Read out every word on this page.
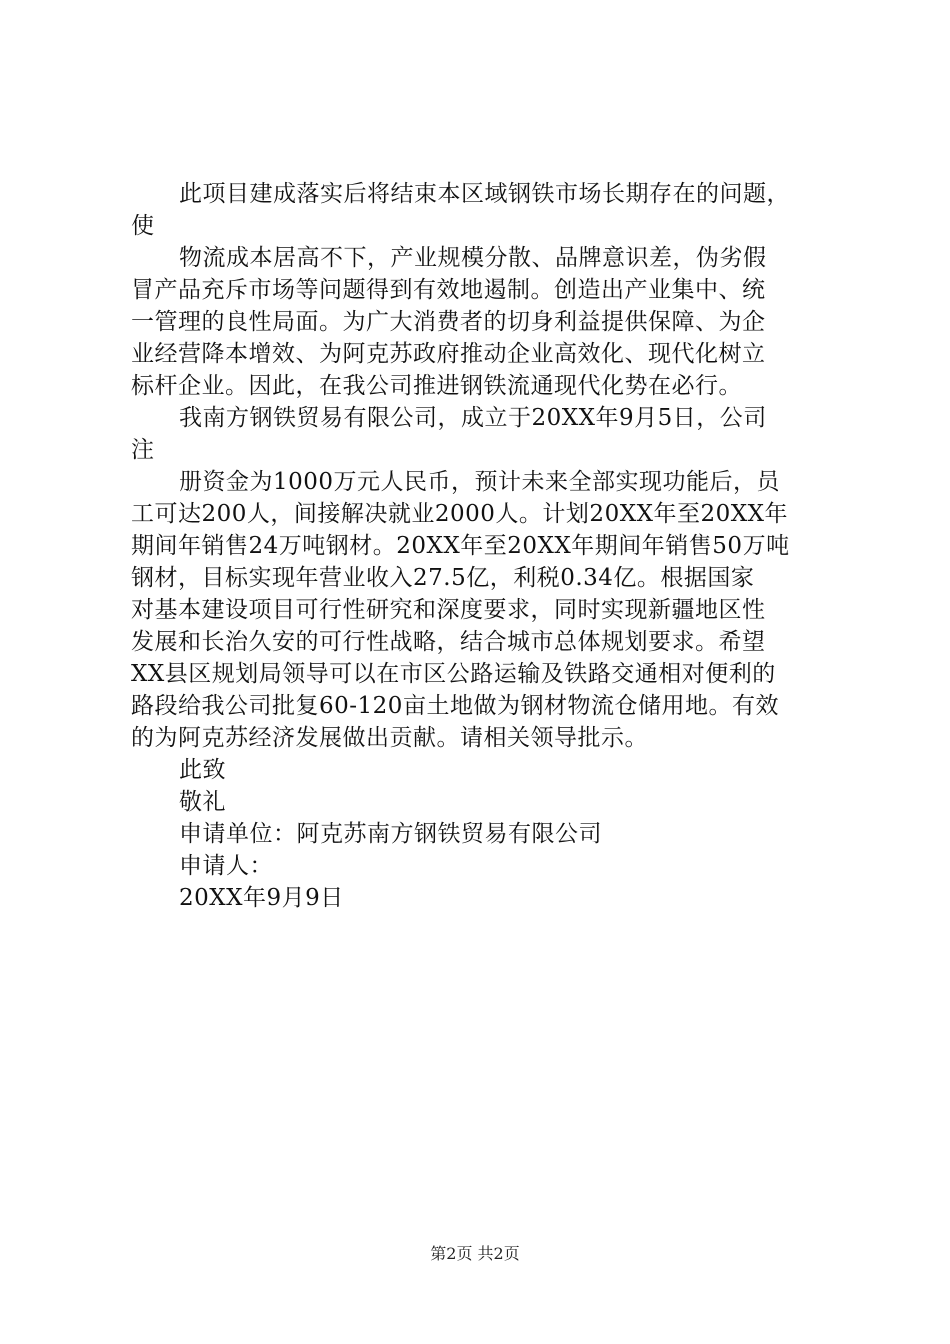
此项目建成落实后将结束本区域钢铁市场长期存在的问题，
使
物流成本居高不下，产业规模分散、品牌意识差，伪劣假
冒产品充斥市场等问题得到有效地遏制。创造出产业集中、统
一管理的良性局面。为广大消费者的切身利益提供保障、为企
业经营降本增效、为阿克苏政府推动企业高效化、现代化树立
标杆企业。因此，在我公司推进钢铁流通现代化势在必行。
我南方钢铁贸易有限公司，成立于20XX年9月5日，公司
注
册资金为1000万元人民币，预计未来全部实现功能后，员
工可达200人，间接解决就业2000人。计划20XX年至20XX年
期间年销售24万吨钢材。20XX年至20XX年期间年销售50万吨
钢材，目标实现年营业收入27.5亿，利税0.34亿。根据国家
对基本建设项目可行性研究和深度要求，同时实现新疆地区性
发展和长治久安的可行性战略，结合城市总体规划要求。希望
XX县区规划局领导可以在市区公路运输及铁路交通相对便利的
路段给我公司批复60-120亩土地做为钢材物流仓储用地。有效
的为阿克苏经济发展做出贡献。请相关领导批示。
此致
敬礼
申请单位：阿克苏南方钢铁贸易有限公司
申请人：
20XX年9月9日
第2页 共2页
